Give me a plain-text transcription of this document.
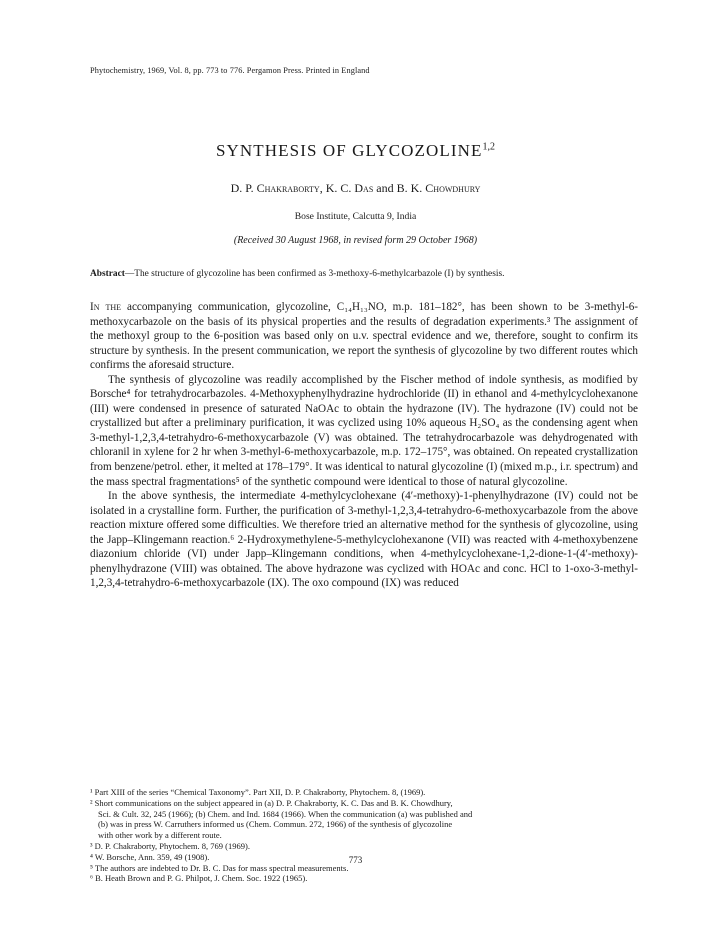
Phytochemistry, 1969, Vol. 8, pp. 773 to 776. Pergamon Press. Printed in England
SYNTHESIS OF GLYCOZOLINE$^{1,2}$
D. P. Chakraborty, K. C. Das and B. K. Chowdhury
Bose Institute, Calcutta 9, India
(Received 30 August 1968, in revised form 29 October 1968)
Abstract—The structure of glycozoline has been confirmed as 3-methoxy-6-methylcarbazole (I) by synthesis.

In the accompanying communication, glycozoline, C₁₄H₁₃NO, m.p. 181–182°, has been shown to be 3-methyl-6-methoxycarbazole on the basis of its physical properties and the results of degradation experiments.³ The assignment of the methoxyl group to the 6-position was based only on u.v. spectral evidence and we, therefore, sought to confirm its structure by synthesis. In the present communication, we report the synthesis of glycozoline by two different routes which confirms the aforesaid structure.

The synthesis of glycozoline was readily accomplished by the Fischer method of indole synthesis, as modified by Borsche⁴ for tetrahydrocarbazoles. 4-Methoxyphenylhydrazine hydrochloride (II) in ethanol and 4-methylcyclohexanone (III) were condensed in presence of saturated NaOAc to obtain the hydrazone (IV). The hydrazone (IV) could not be crystallized but after a preliminary purification, it was cyclized using 10% aqueous H₂SO₄ as the condensing agent when 3-methyl-1,2,3,4-tetrahydro-6-methoxycarbazole (V) was obtained. The tetrahydrocarbazole was dehydrogenated with chloranil in xylene for 2 hr when 3-methyl-6-methoxycarbazole, m.p. 172–175°, was obtained. On repeated crystallization from benzene/petrol. ether, it melted at 178–179°. It was identical to natural glycozoline (I) (mixed m.p., i.r. spectrum) and the mass spectral fragmentations⁵ of the synthetic compound were identical to those of natural glycozoline.

In the above synthesis, the intermediate 4-methylcyclohexane (4′-methoxy)-1-phenylhydrazone (IV) could not be isolated in a crystalline form. Further, the purification of 3-methyl-1,2,3,4-tetrahydro-6-methoxycarbazole from the above reaction mixture offered some difficulties. We therefore tried an alternative method for the synthesis of glycozoline, using the Japp–Klingemann reaction.⁶ 2-Hydroxymethylene-5-methylcyclohexanone (VII) was reacted with 4-methoxybenzene diazonium chloride (VI) under Japp–Klingemann conditions, when 4-methylcyclohexane-1,2-dione-1-(4′-methoxy)-phenylhydrazone (VIII) was obtained. The above hydrazone was cyclized with HOAc and conc. HCl to 1-oxo-3-methyl-1,2,3,4-tetrahydro-6-methoxycarbazole (IX). The oxo compound (IX) was reduced

¹ Part XIII of the series “Chemical Taxonomy”. Part XII, D. P. Chakraborty, Phytochem. 8, (1969).
² Short communications on the subject appeared in (a) D. P. Chakraborty, K. C. Das and B. K. Chowdhury,
Sci. & Cult. 32, 245 (1966); (b) Chem. and Ind. 1684 (1966). When the communication (a) was published and
(b) was in press W. Carruthers informed us (Chem. Commun. 272, 1966) of the synthesis of glycozoline
with other work by a different route.
³ D. P. Chakraborty, Phytochem. 8, 769 (1969).
⁴ W. Borsche, Ann. 359, 49 (1908).
⁵ The authors are indebted to Dr. B. C. Das for mass spectral measurements.
⁶ B. Heath Brown and P. G. Philpot, J. Chem. Soc. 1922 (1965).
773
